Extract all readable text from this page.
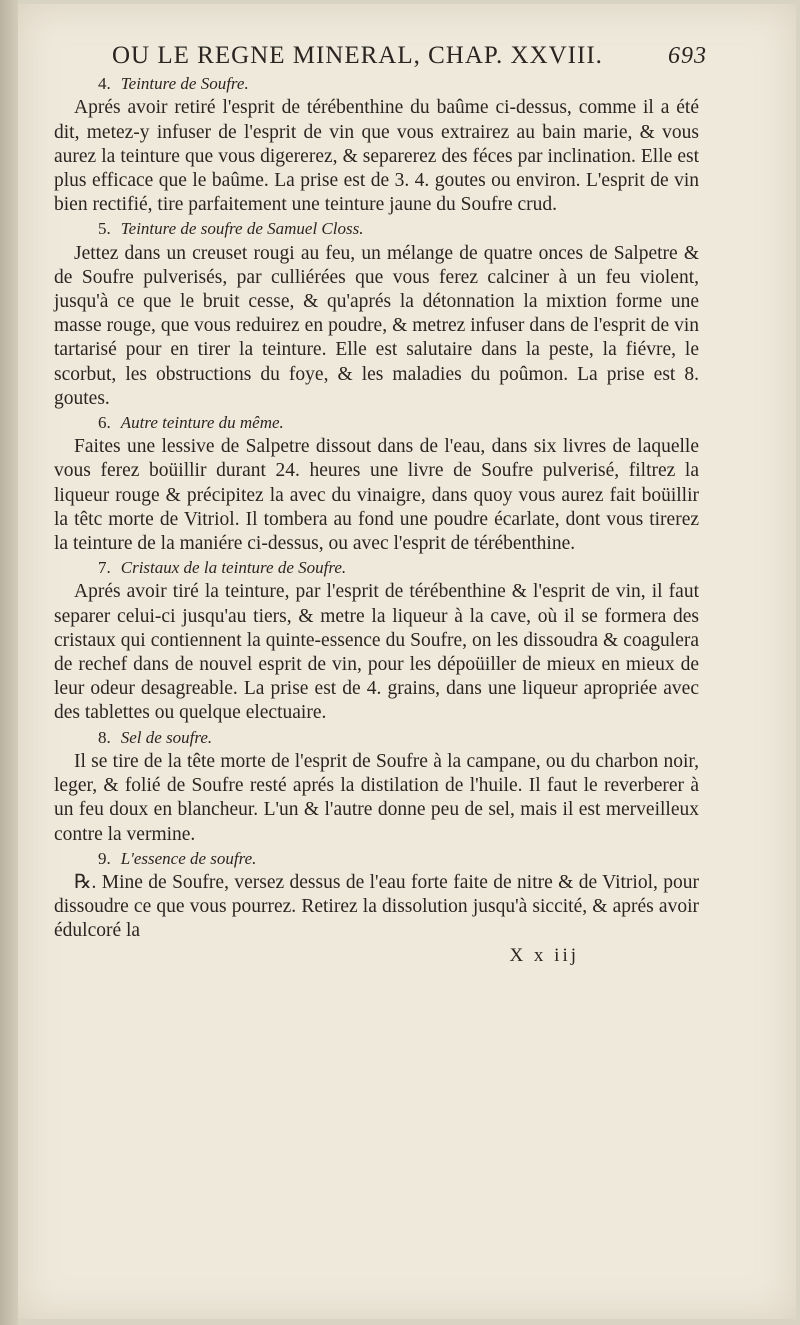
OU LE REGNE MINERAL, CHAP. XXVIII.	693
4. Teinture de Soufre.

Aprés avoir retiré l'esprit de térébenthine du baûme ci-dessus, comme il a été dit, metez-y infuser de l'esprit de vin que vous extrairez au bain marie, & vous aurez la teinture que vous digererez, & separerez des féces par inclination. Elle est plus efficace que le baûme. La prise est de 3. 4. goutes ou environ. L'esprit de vin bien rectifié, tire parfaitement une teinture jaune du Soufre crud.

5. Teinture de soufre de Samuel Closs.

Jettez dans un creuset rougi au feu, un mélange de quatre onces de Salpetre & de Soufre pulverisés, par culliérées que vous ferez calciner à un feu violent, jusqu'à ce que le bruit cesse, & qu'aprés la détonnation la mixtion forme une masse rouge, que vous reduirez en poudre, & metrez infuser dans de l'esprit de vin tartarisé pour en tirer la teinture. Elle est salutaire dans la peste, la fiévre, le scorbut, les obstructions du foye, & les maladies du poûmon. La prise est 8. goutes.

6. Autre teinture du même.

Faites une lessive de Salpetre dissout dans de l'eau, dans six livres de laquelle vous ferez boüillir durant 24. heures une livre de Soufre pulverisé, filtrez la liqueur rouge & précipitez la avec du vinaigre, dans quoy vous aurez fait boüillir la têtc morte de Vitriol. Il tombera au fond une poudre écarlate, dont vous tirerez la teinture de la maniére ci-dessus, ou avec l'esprit de térébenthine.

7. Cristaux de la teinture de Soufre.

Aprés avoir tiré la teinture, par l'esprit de térébenthine & l'esprit de vin, il faut separer celui-ci jusqu'au tiers, & metre la liqueur à la cave, où il se formera des cristaux qui contiennent la quinte-essence du Soufre, on les dissoudra & coagulera de rechef dans de nouvel esprit de vin, pour les dépoüiller de mieux en mieux de leur odeur desagreable. La prise est de 4. grains, dans une liqueur apropriée avec des tablettes ou quelque electuaire.

8. Sel de soufre.

Il se tire de la tête morte de l'esprit de Soufre à la campane, ou du charbon noir, leger, & folié de Soufre resté aprés la distilation de l'huile. Il faut le reverberer à un feu doux en blancheur. L'un & l'autre donne peu de sel, mais il est merveilleux contre la vermine.

9. L'essence de soufre.

℞. Mine de Soufre, versez dessus de l'eau forte faite de nitre & de Vitriol, pour dissoudre ce que vous pourrez. Retirez la dissolution jusqu'à siccité, & aprés avoir édulcoré la

X x iij
